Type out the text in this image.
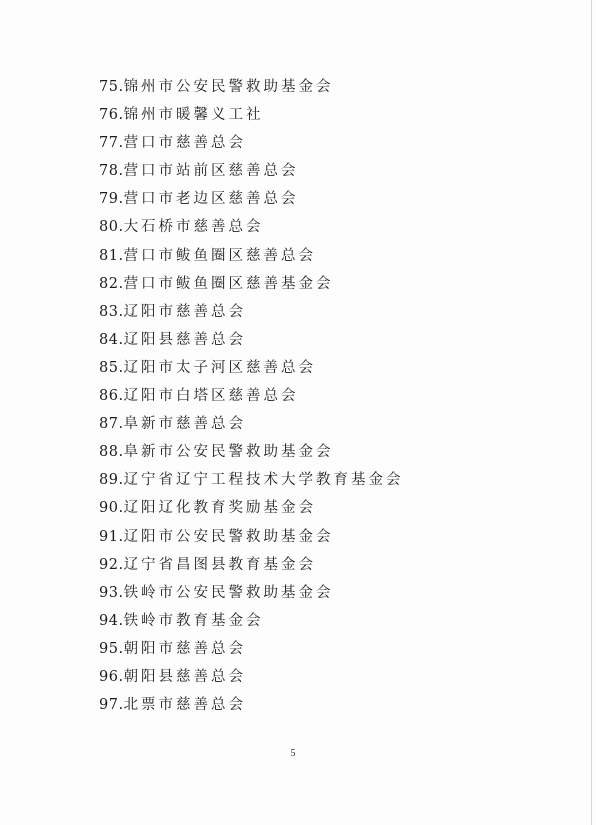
75.锦州市公安民警救助基金会
76.锦州市暖馨义工社
77.营口市慈善总会
78.营口市站前区慈善总会
79.营口市老边区慈善总会
80.大石桥市慈善总会
81.营口市鲅鱼圈区慈善总会
82.营口市鲅鱼圈区慈善基金会
83.辽阳市慈善总会
84.辽阳县慈善总会
85.辽阳市太子河区慈善总会
86.辽阳市白塔区慈善总会
87.阜新市慈善总会
88.阜新市公安民警救助基金会
89.辽宁省辽宁工程技术大学教育基金会
90.辽阳辽化教育奖励基金会
91.辽阳市公安民警救助基金会
92.辽宁省昌图县教育基金会
93.铁岭市公安民警救助基金会
94.铁岭市教育基金会
95.朝阳市慈善总会
96.朝阳县慈善总会
97.北票市慈善总会
5
